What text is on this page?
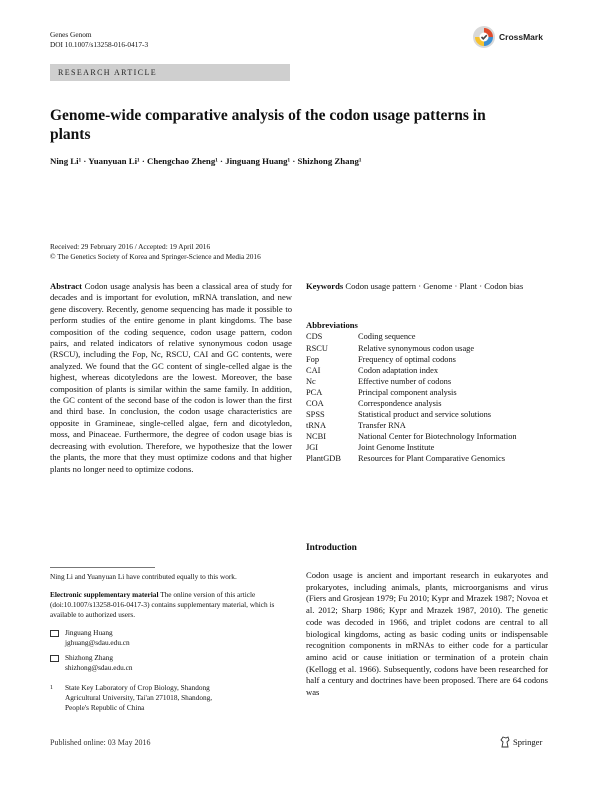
Genes Genom
DOI 10.1007/s13258-016-0417-3
CrossMark
RESEARCH ARTICLE
Genome-wide comparative analysis of the codon usage patterns in plants
Ning Li¹ · Yuanyuan Li¹ · Chengchao Zheng¹ · Jinguang Huang¹ · Shizhong Zhang¹
Received: 29 February 2016 / Accepted: 19 April 2016
© The Genetics Society of Korea and Springer-Science and Media 2016
Abstract Codon usage analysis has been a classical area of study for decades and is important for evolution, mRNA translation, and new gene discovery. Recently, genome sequencing has made it possible to perform studies of the entire genome in plant kingdoms. The base composition of the coding sequence, codon usage pattern, codon pairs, and related indicators of relative synonymous codon usage (RSCU), including the Fop, Nc, RSCU, CAI and GC contents, were analyzed. We found that the GC content of single-celled algae is the highest, whereas dicotyledons are the lowest. Moreover, the base composition of plants is similar within the same family. In addition, the GC content of the second base of the codon is lower than the first and third base. In conclusion, the codon usage characteristics are opposite in Gramineae, single-celled algae, fern and dicotyledon, moss, and Pinaceae. Furthermore, the degree of codon usage bias is decreasing with evolution. Therefore, we hypothesize that the lower the plants, the more that they must optimize codons and that higher plants no longer need to optimize codons.
Keywords Codon usage pattern · Genome · Plant · Codon bias
Abbreviations
CDS	Coding sequence
RSCU	Relative synonymous codon usage
Fop	Frequency of optimal codons
CAI	Codon adaptation index
Nc	Effective number of codons
PCA	Principal component analysis
COA	Correspondence analysis
SPSS	Statistical product and service solutions
tRNA	Transfer RNA
NCBI	National Center for Biotechnology Information
JGI	Joint Genome Institute
PlantGDB	Resources for Plant Comparative Genomics
Introduction
Codon usage is ancient and important research in eukaryotes and prokaryotes, including animals, plants, microorganisms and virus (Fiers and Grosjean 1979; Fu 2010; Kypr and Mrazek 1987; Novoa et al. 2012; Sharp 1986; Kypr and Mrazek 1987, 2010). The genetic code was decoded in 1966, and triplet codons are central to all biological kingdoms, acting as basic coding units or indispensable recognition components in mRNAs to either code for a particular amino acid or cause initiation or termination of a protein chain (Kellogg et al. 1966). Subsequently, codons have been researched for half a century and doctrines have been proposed. There are 64 codons was
Ning Li and Yuanyuan Li have contributed equally to this work.
Electronic supplementary material The online version of this article (doi:10.1007/s13258-016-0417-3) contains supplementary material, which is available to authorized users.
Jinguang Huang
jghuang@sdau.edu.cn
Shizhong Zhang
shizhong@sdau.edu.cn
1	State Key Laboratory of Crop Biology, Shandong Agricultural University, Tai'an 271018, Shandong, People's Republic of China
Published online: 03 May 2016	Springer
